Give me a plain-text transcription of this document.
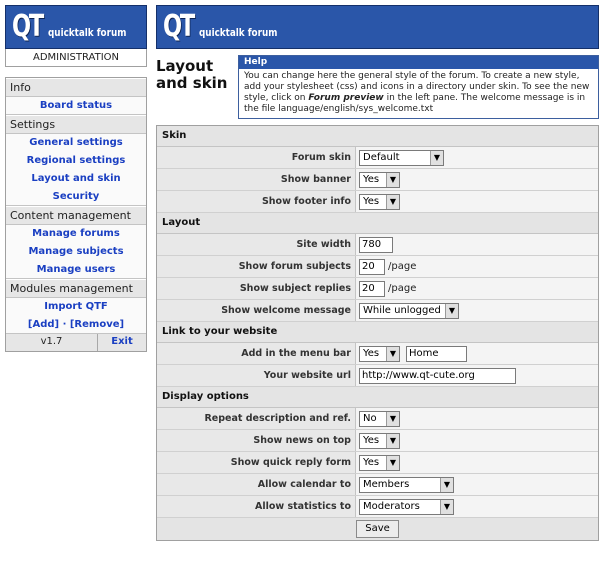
QT quicktalk forum
ADMINISTRATION
Info
Board status
Settings
General settings
Regional settings
Layout and skin
Security
Content management
Manage forums
Manage subjects
Manage users
Modules management
Import QTF
[Add] · [Remove]
v1.7	Exit
QT quicktalk forum
Layout
and skin
Help
You can change here the general style of the forum. To create a new style, add your stylesheet (css) and icons in a directory under skin. To see the new style, click on Forum preview in the left pane. The welcome message is in the file language/english/sys_welcome.txt
Skin
Forum skin	Default	▼
Show banner	Yes	▼
Show footer info	Yes	▼
Layout
Site width	780
Show forum subjects	20	/page
Show subject replies	20	/page
Show welcome message	While unlogged	▼
Link to your website
Add in the menu bar	Yes	▼	Home
Your website url	http://www.qt-cute.org
Display options
Repeat description and ref.	No	▼
Show news on top	Yes	▼
Show quick reply form	Yes	▼
Allow calendar to	Members	▼
Allow statistics to	Moderators	▼
Save
